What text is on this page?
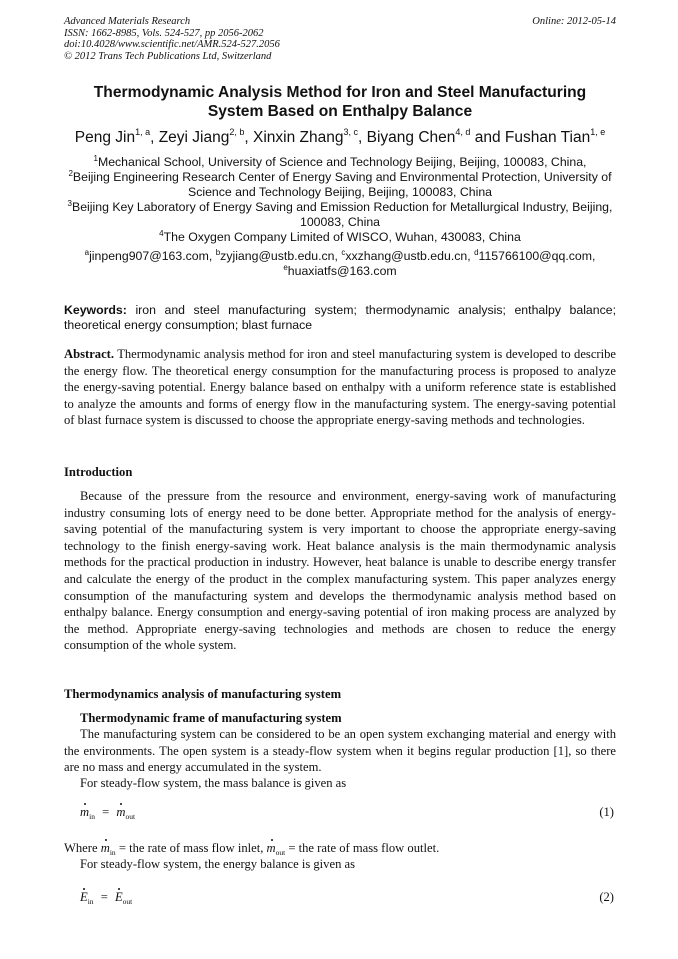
Advanced Materials Research
ISSN: 1662-8985, Vols. 524-527, pp 2056-2062
doi:10.4028/www.scientific.net/AMR.524-527.2056
© 2012 Trans Tech Publications Ltd, Switzerland
Online: 2012-05-14
Thermodynamic Analysis Method for Iron and Steel Manufacturing
System Based on Enthalpy Balance
Peng Jin$^{1, a}$, Zeyi Jiang$^{2, b}$, Xinxin Zhang$^{3, c}$, Biyang Chen$^{4, d}$ and Fushan Tian$^{1, e}$
$^1$Mechanical School, University of Science and Technology Beijing, Beijing, 100083, China,
$^2$Beijing Engineering Research Center of Energy Saving and Environmental Protection, University of Science and Technology Beijing, Beijing, 100083, China
$^3$Beijing Key Laboratory of Energy Saving and Emission Reduction for Metallurgical Industry, Beijing, 100083, China
$^4$The Oxygen Company Limited of WISCO, Wuhan, 430083, China
$^a$jinpeng907@163.com, $^b$zyjiang@ustb.edu.cn, $^c$xxzhang@ustb.edu.cn, $^d$115766100@qq.com,
$^e$huaxiatfs@163.com
Keywords: iron and steel manufacturing system; thermodynamic analysis; enthalpy balance; theoretical energy consumption; blast furnace
Abstract. Thermodynamic analysis method for iron and steel manufacturing system is developed to describe the energy flow. The theoretical energy consumption for the manufacturing process is proposed to analyze the energy-saving potential. Energy balance based on enthalpy with a uniform reference state is established to analyze the amounts and forms of energy flow in the manufacturing system. The energy-saving potential of blast furnace system is discussed to choose the appropriate energy-saving methods and technologies.
Introduction
Because of the pressure from the resource and environment, energy-saving work of manufacturing industry consuming lots of energy need to be done better. Appropriate method for the analysis of energy-saving potential of the manufacturing system is very important to choose the appropriate energy-saving technology to the finish energy-saving work. Heat balance analysis is the main thermodynamic analysis methods for the practical production in industry. However, heat balance is unable to describe energy transfer and calculate the energy of the product in the complex manufacturing system. This paper analyzes energy consumption of the manufacturing system and develops the thermodynamic analysis method based on enthalpy balance. Energy consumption and energy-saving potential of iron making process are analyzed by the method. Appropriate energy-saving technologies and methods are chosen to reduce the energy consumption of the whole system.
Thermodynamics analysis of manufacturing system
Thermodynamic frame of manufacturing system
The manufacturing system can be considered to be an open system exchanging material and energy with the environments. The open system is a steady-flow system when it begins regular production [1], so there are no mass and energy accumulated in the system.
For steady-flow system, the mass balance is given as
$m_{in} = m_{out}$	(1)
Where $m_{in}$ = the rate of mass flow inlet, $m_{out}$ = the rate of mass flow outlet.
For steady-flow system, the energy balance is given as
$E_{in} = E_{out}$	(2)
